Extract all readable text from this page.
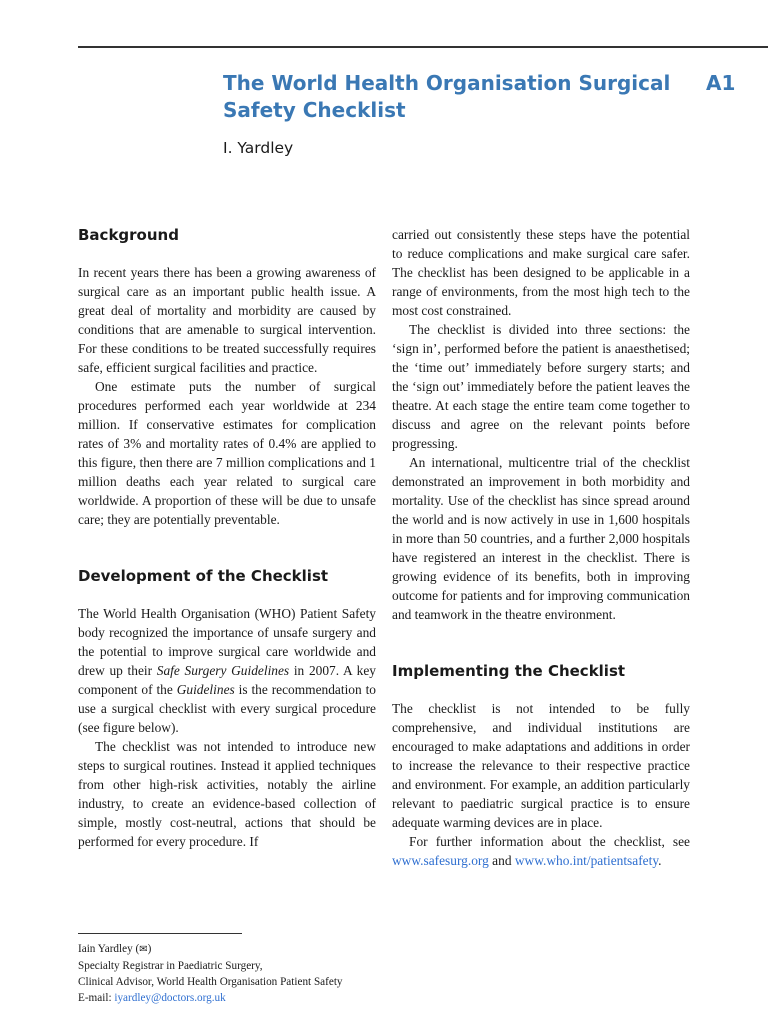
The World Health Organisation Surgical Safety Checklist
A1
I. Yardley
Background

In recent years there has been a growing awareness of surgical care as an important public health issue. A great deal of mortality and morbidity are caused by conditions that are amenable to surgical intervention. For these conditions to be treated successfully requires safe, efficient surgical facilities and practice.

One estimate puts the number of surgical procedures performed each year worldwide at 234 million. If conservative estimates for complication rates of 3% and mortality rates of 0.4% are applied to this figure, then there are 7 million complications and 1 million deaths each year related to surgical care worldwide. A proportion of these will be due to unsafe care; they are potentially preventable.

Development of the Checklist

The World Health Organisation (WHO) Patient Safety body recognized the importance of unsafe surgery and the potential to improve surgical care worldwide and drew up their Safe Surgery Guidelines in 2007. A key component of the Guidelines is the recommendation to use a surgical checklist with every surgical procedure (see figure below).

The checklist was not intended to introduce new steps to surgical routines. Instead it applied techniques from other high-risk activities, notably the airline industry, to create an evidence-based collection of simple, mostly cost-neutral, actions that should be performed for every procedure. If

carried out consistently these steps have the potential to reduce complications and make surgical care safer. The checklist has been designed to be applicable in a range of environments, from the most high tech to the most cost constrained.

The checklist is divided into three sections: the ‘sign in’, performed before the patient is anaesthetised; the ‘time out’ immediately before surgery starts; and the ‘sign out’ immediately before the patient leaves the theatre. At each stage the entire team come together to discuss and agree on the relevant points before progressing.

An international, multicentre trial of the checklist demonstrated an improvement in both morbidity and mortality. Use of the checklist has since spread around the world and is now actively in use in 1,600 hospitals in more than 50 countries, and a further 2,000 hospitals have registered an interest in the checklist. There is growing evidence of its benefits, both in improving outcome for patients and for improving communication and teamwork in the theatre environment.

Implementing the Checklist

The checklist is not intended to be fully comprehensive, and individual institutions are encouraged to make adaptations and additions in order to increase the relevance to their respective practice and environment. For example, an addition particularly relevant to paediatric surgical practice is to ensure adequate warming devices are in place.

For further information about the checklist, see www.safesurg.org and www.who.int/patientsafety.

Iain Yardley (✉)
Specialty Registrar in Paediatric Surgery,
Clinical Advisor, World Health Organisation Patient Safety
E-mail: iyardley@doctors.org.uk
